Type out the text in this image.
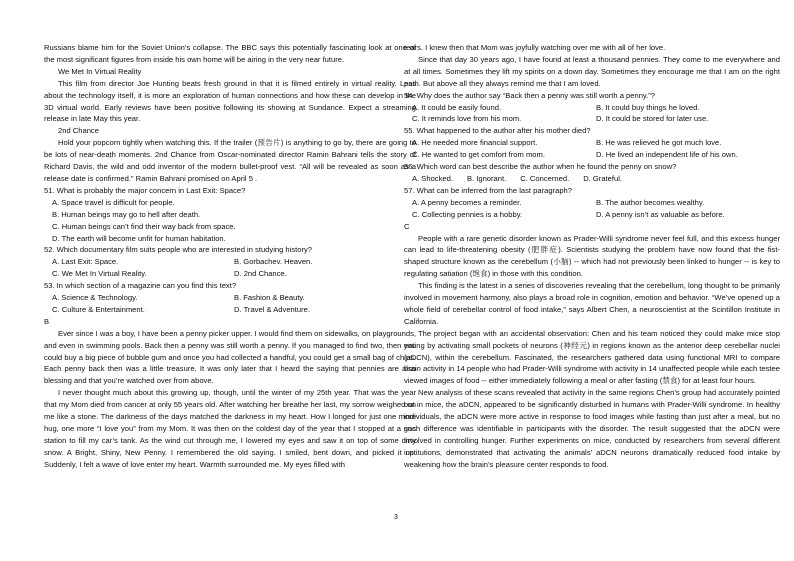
Russians blame him for the Soviet Union’s collapse. The BBC says this potentially fascinating look at one of the most significant figures from inside his own home will be airing in the very near future.

We Met In Virtual Reality

This film from director Joe Hunting beats fresh ground in that it is filmed entirely in virtual reality. Less about the technology itself, it is more an exploration of human connections and how these can develop in the 3D virtual world. Early reviews have been positive following its showing at Sundance. Expect a streaming release in late May this year.

2nd Chance

Hold your popcorn tightly when watching this. If the trailer (预告片) is anything to go by, there are going to be lots of near-death moments. 2nd Chance from Oscar-nominated director Ramin Bahrani tells the story of Richard Davis, the wild and odd inventor of the modern bullet-proof vest. “All will be revealed as soon as a release date is confirmed.” Ramin Bahrani promised on April 5 .

51. What is probably the major concern in Last Exit: Space?

A. Space travel is difficult for people.
B. Human beings may go to hell after death.
C. Human beings can’t find their way back from space.
D. The earth will become unfit for human habitation.

52. Which documentary film suits people who are interested in studying history?

A. Last Exit: Space.	B. Gorbachev. Heaven.
C. We Met In Virtual Reality.	D. 2nd Chance.

53. In which section of a magazine can you find this text?

A. Science & Technology.	B. Fashion & Beauty.
C. Culture & Entertainment.	D. Travel & Adventure.

B

Ever since I was a boy, I have been a penny picker upper. I would find them on sidewalks, on playgrounds, and even in swimming pools. Back then a penny was still worth a penny. If you managed to find two, then you could buy a big piece of bubble gum and once you had collected a handful, you could get a small bag of chips. Each penny back then was a little treasure. It was only later that I heard the saying that pennies are also blessing and that you’re watched over from above.

I never thought much about this growing up, though, until the winter of my 25th year. That was the year that my Mom died from cancer at only 55 years old. After watching her breathe her last, my sorrow weighed on me like a stone. The darkness of the days matched the darkness in my heart. How I longed for just one more hug, one more “I love you” from my Mom. It was then on the coldest day of the year that I stopped at a gas station to fill my car’s tank. As the wind cut through me, I lowered my eyes and saw it on top of some dirty snow. A Bright, Shiny, New Penny. I remembered the old saying. I smiled, bent down, and picked it up. Suddenly, I felt a wave of love enter my heart. Warmth surrounded me. My eyes filled with

tears. I knew then that Mom was joyfully watching over me with all of her love.

Since that day 30 years ago, I have found at least a thousand pennies. They come to me everywhere and at all times. Sometimes they lift my spirits on a down day. Sometimes they encourage me that I am on the right path. But above all they always remind me that I am loved.

54. Why does the author say “Back then a penny was still worth a penny.”?

A. It could be easily found.	B. It could buy things he loved.
C. It reminds love from his mom.	D. It could be stored for later use.

55. What happened to the author after his mother died?

A. He needed more financial support.	B. He was relieved he got much love.
C. He wanted to get comfort from mom.	D. He lived an independent life of his own.

56. Which word can best describe the author when he found the penny on snow?

A. Shocked. B. Ignorant. C. Concerned. D. Grateful.

57. What can be inferred from the last paragraph?

A. A penny becomes a reminder.	B. The author becomes wealthy.
C. Collecting pennies is a hobby.	D. A penny isn’t as valuable as before.

C

People with a rare genetic disorder known as Prader-Willi syndrome never feel full, and this excess hunger can lead to life-threatening obesity (肥胖症). Scientists studying the problem have now found that the fist-shaped structure known as the cerebellum (小脑) -- which had not previously been linked to hunger -- is key to regulating satiation (饱食) in those with this condition.

This finding is the latest in a series of discoveries revealing that the cerebellum, long thought to be primarily involved in movement harmony, also plays a broad role in cognition, emotion and behavior. “We’ve opened up a whole field of cerebellar control of food intake,” says Albert Chen, a neuroscientist at the Scintillon Institute in California.

The project began with an accidental observation: Chen and his team noticed they could make mice stop eating by activating small pockets of neurons (神经元) in regions known as the anterior deep cerebellar nuclei (aDCN), within the cerebellum. Fascinated, the researchers gathered data using functional MRI to compare brain activity in 14 people who had Prader-Willi syndrome with activity in 14 unaffected people while each testee viewed images of food -- either immediately following a meal or after fasting (禁食) for at least four hours.

New analysis of these scans revealed that activity in the same regions Chen’s group had accurately pointed out in mice, the aDCN, appeared to be significantly disturbed in humans with Prader-Willi syndrome. In healthy individuals, the aDCN were more active in response to food images while fasting than just after a meal, but no such difference was identifiable in participants with the disorder. The result suggested that the aDCN were involved in controlling hunger. Further experiments on mice, conducted by researchers from several different institutions, demonstrated that activating the animals’ aDCN neurons dramatically reduced food intake by weakening how the brain’s pleasure center responds to food.

3
